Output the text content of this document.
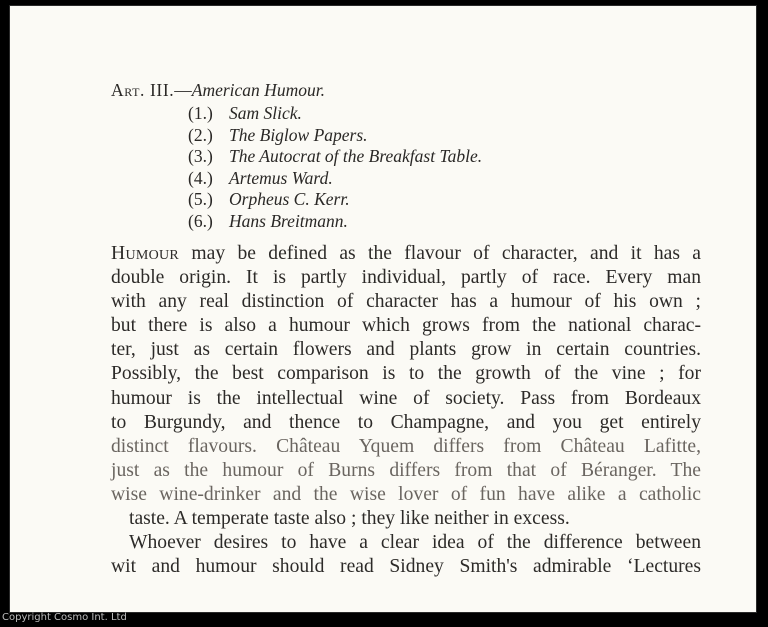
Art. III.—American Humour.
(1.) Sam Slick.
(2.) The Biglow Papers.
(3.) The Autocrat of the Breakfast Table.
(4.) Artemus Ward.
(5.) Orpheus C. Kerr.
(6.) Hans Breitmann.
Humour may be defined as the flavour of character, and it has a
double origin. It is partly individual, partly of race. Every man
with any real distinction of character has a humour of his own ;
but there is also a humour which grows from the national charac-
ter, just as certain flowers and plants grow in certain countries.
Possibly, the best comparison is to the growth of the vine ; for
humour is the intellectual wine of society. Pass from Bordeaux
to Burgundy, and thence to Champagne, and you get entirely
distinct flavours. Château Yquem differs from Château Lafitte,
just as the humour of Burns differs from that of Béranger. The
wise wine-drinker and the wise lover of fun have alike a catholic
taste. A temperate taste also ; they like neither in excess.
Whoever desires to have a clear idea of the difference between
wit and humour should read Sidney Smith's admirable ‘Lectures
Copyright Cosmo Int. Ltd
